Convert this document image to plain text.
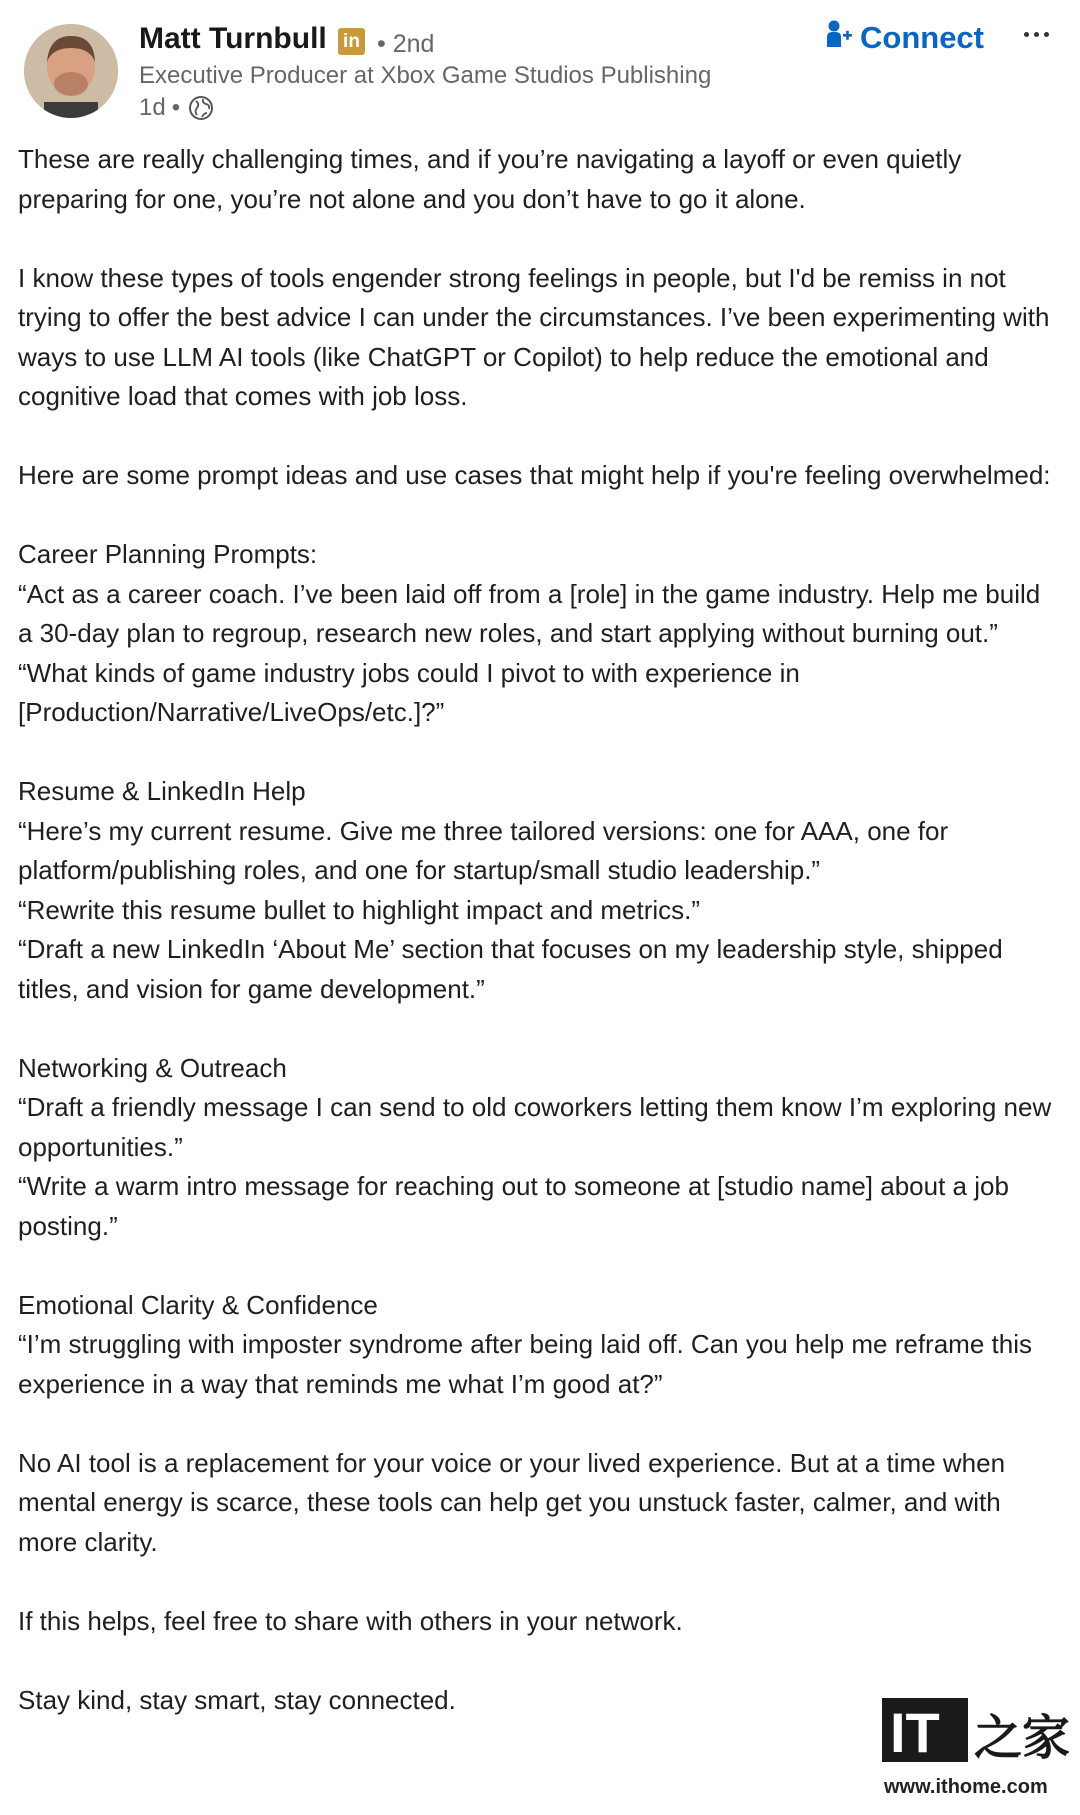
Matt Turnbull in • 2nd
Executive Producer at Xbox Game Studios Publishing
1d •
Connect

These are really challenging times, and if you’re navigating a layoff or even quietly preparing for one, you’re not alone and you don’t have to go it alone.

I know these types of tools engender strong feelings in people, but I'd be remiss in not trying to offer the best advice I can under the circumstances. I’ve been experimenting with ways to use LLM AI tools (like ChatGPT or Copilot) to help reduce the emotional and cognitive load that comes with job loss.

Here are some prompt ideas and use cases that might help if you're feeling overwhelmed:

Career Planning Prompts:
“Act as a career coach. I’ve been laid off from a [role] in the game industry. Help me build a 30-day plan to regroup, research new roles, and start applying without burning out.”
“What kinds of game industry jobs could I pivot to with experience in [Production/Narrative/LiveOps/etc.]?”
Resume & LinkedIn Help
“Here’s my current resume. Give me three tailored versions: one for AAA, one for platform/publishing roles, and one for startup/small studio leadership.”
“Rewrite this resume bullet to highlight impact and metrics.”
“Draft a new LinkedIn ‘About Me’ section that focuses on my leadership style, shipped titles, and vision for game development.”
Networking & Outreach
“Draft a friendly message I can send to old coworkers letting them know I’m exploring new opportunities.”
“Write a warm intro message for reaching out to someone at [studio name] about a job posting.”
Emotional Clarity & Confidence
“I’m struggling with imposter syndrome after being laid off. Can you help me reframe this experience in a way that reminds me what I’m good at?”

No AI tool is a replacement for your voice or your lived experience. But at a time when mental energy is scarce, these tools can help get you unstuck faster, calmer, and with more clarity.

If this helps, feel free to share with others in your network.

Stay kind, stay smart, stay connected.

IT 之家
www.ithome.com
